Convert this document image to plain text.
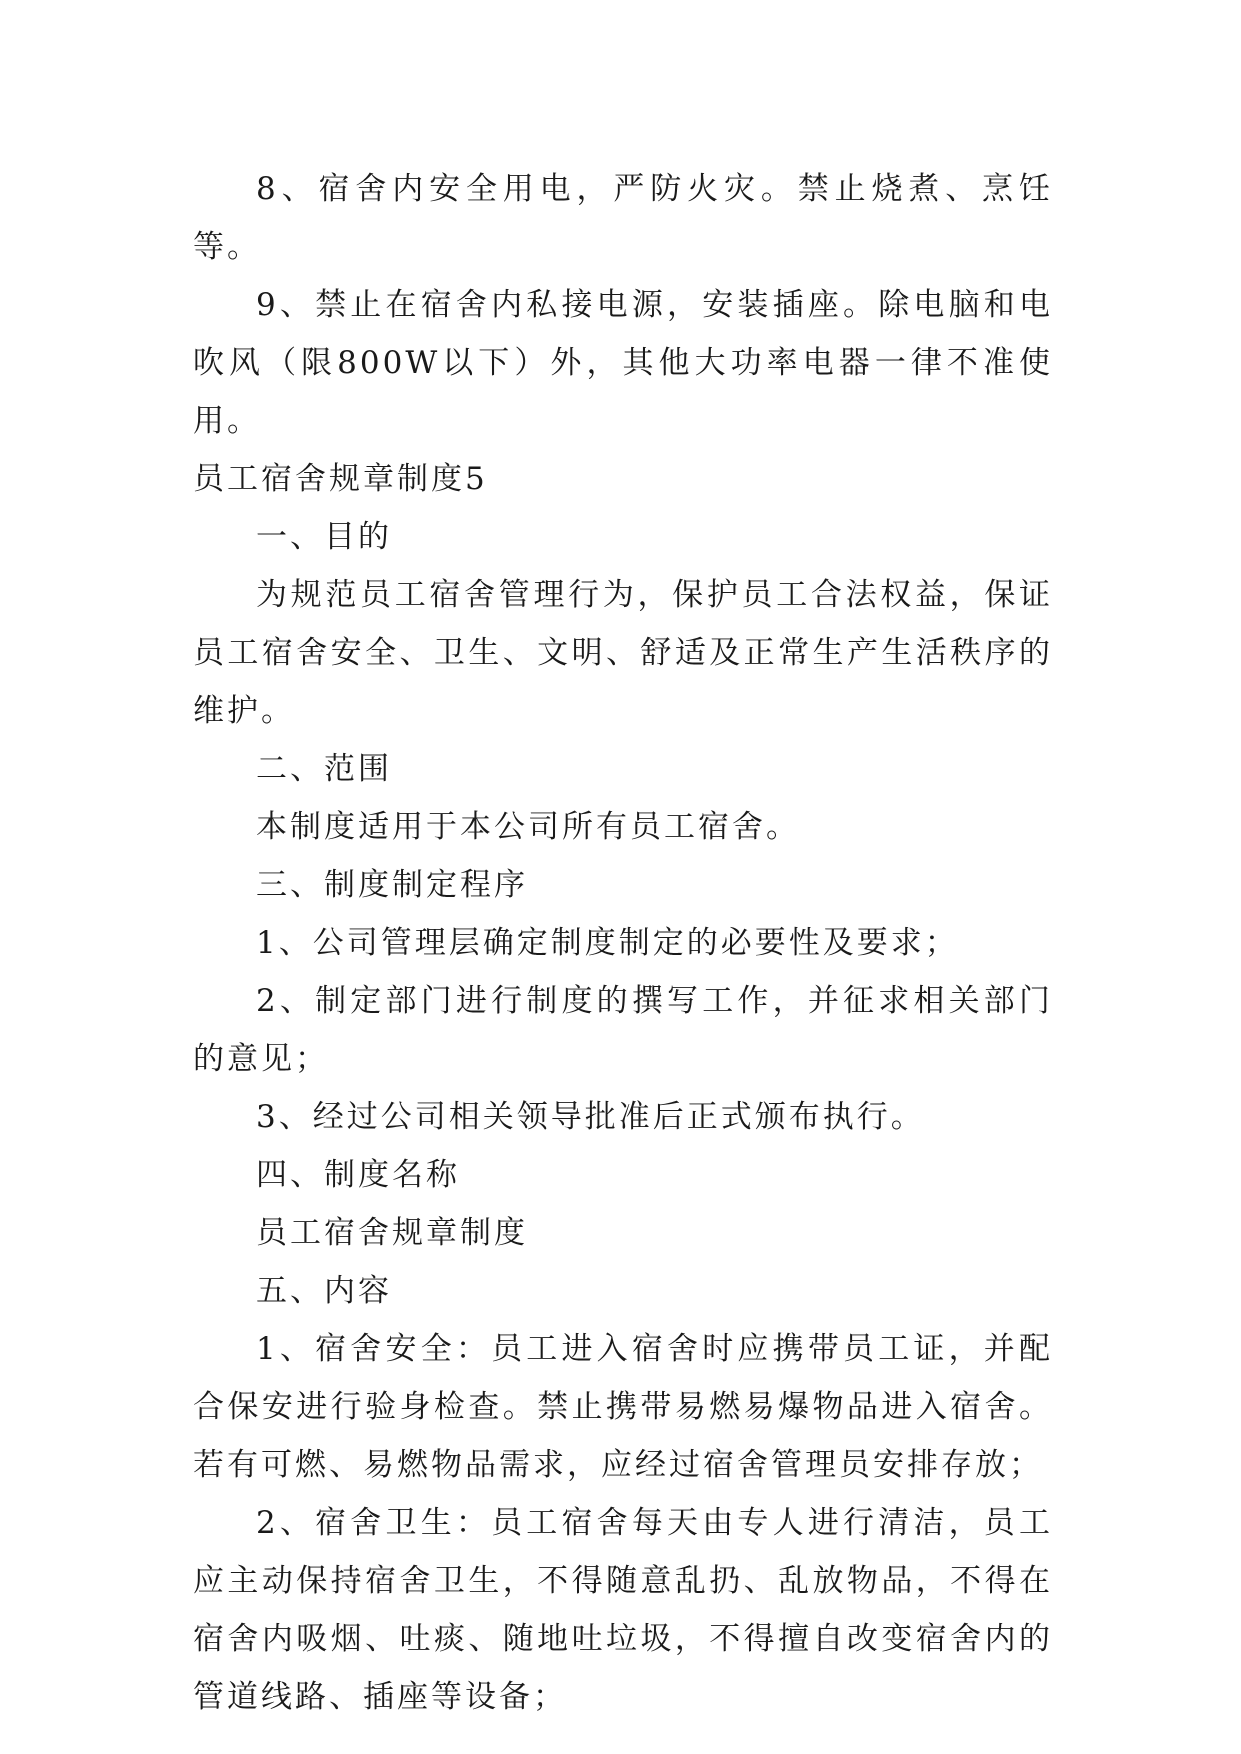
8、宿舍内安全用电，严防火灾。禁止烧煮、烹饪等。

9、禁止在宿舍内私接电源，安装插座。除电脑和电吹风（限800W以下）外，其他大功率电器一律不准使用。

员工宿舍规章制度5

一、目的

为规范员工宿舍管理行为，保护员工合法权益，保证员工宿舍安全、卫生、文明、舒适及正常生产生活秩序的维护。

二、范围

本制度适用于本公司所有员工宿舍。

三、制度制定程序

1、公司管理层确定制度制定的必要性及要求；

2、制定部门进行制度的撰写工作，并征求相关部门的意见；

3、经过公司相关领导批准后正式颁布执行。

四、制度名称

员工宿舍规章制度

五、内容

1、宿舍安全：员工进入宿舍时应携带员工证，并配合保安进行验身检查。禁止携带易燃易爆物品进入宿舍。若有可燃、易燃物品需求，应经过宿舍管理员安排存放；

2、宿舍卫生：员工宿舍每天由专人进行清洁，员工应主动保持宿舍卫生，不得随意乱扔、乱放物品，不得在宿舍内吸烟、吐痰、随地吐垃圾，不得擅自改变宿舍内的管道线路、插座等设备；
